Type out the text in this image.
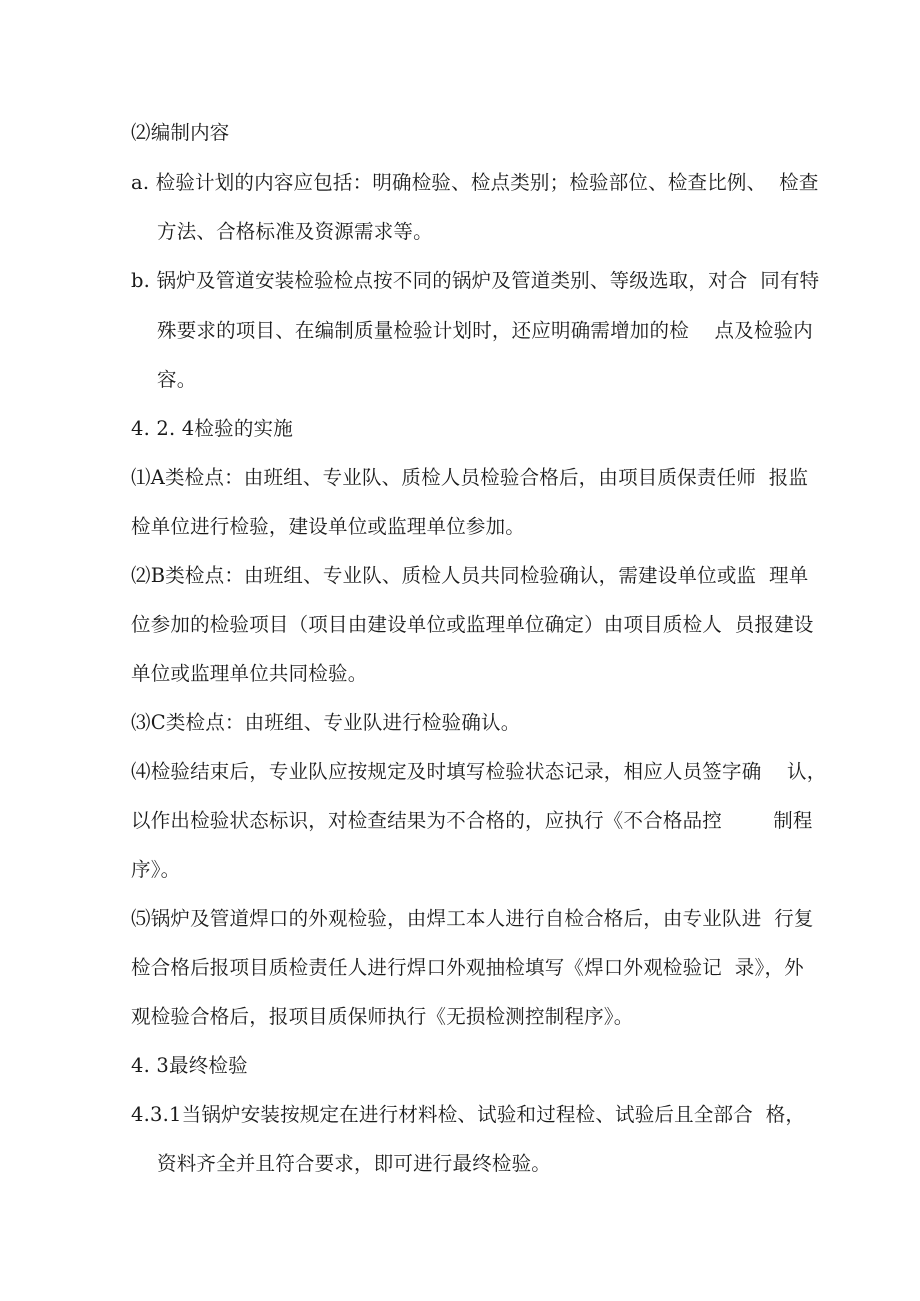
⑵编制内容
a. 检验计划的内容应包括：明确检验、检点类别；检验部位、检查比例、  检查
方法、合格标准及资源需求等。
b. 锅炉及管道安装检验检点按不同的锅炉及管道类别、等级选取，对合  同有特
殊要求的项目、在编制质量检验计划时，还应明确需增加的检    点及检验内
容。
4. 2. 4检验的实施
⑴A类检点：由班组、专业队、质检人员检验合格后，由项目质保责任师  报监
检单位进行检验，建设单位或监理单位参加。
⑵B类检点：由班组、专业队、质检人员共同检验确认，需建设单位或监  理单
位参加的检验项目（项目由建设单位或监理单位确定）由项目质检人  员报建设
单位或监理单位共同检验。
⑶C类检点：由班组、专业队进行检验确认。
⑷检验结束后，专业队应按规定及时填写检验状态记录，相应人员签字确    认，
以作出检验状态标识，对检查结果为不合格的，应执行《不合格品控        制程
序》。
⑸锅炉及管道焊口的外观检验，由焊工本人进行自检合格后，由专业队进  行复
检合格后报项目质检责任人进行焊口外观抽检填写《焊口外观检验记  录》，外
观检验合格后，报项目质保师执行《无损检测控制程序》。
4. 3最终检验
4.3.1当锅炉安装按规定在进行材料检、试验和过程检、试验后且全部合  格，
资料齐全并且符合要求，即可进行最终检验。
